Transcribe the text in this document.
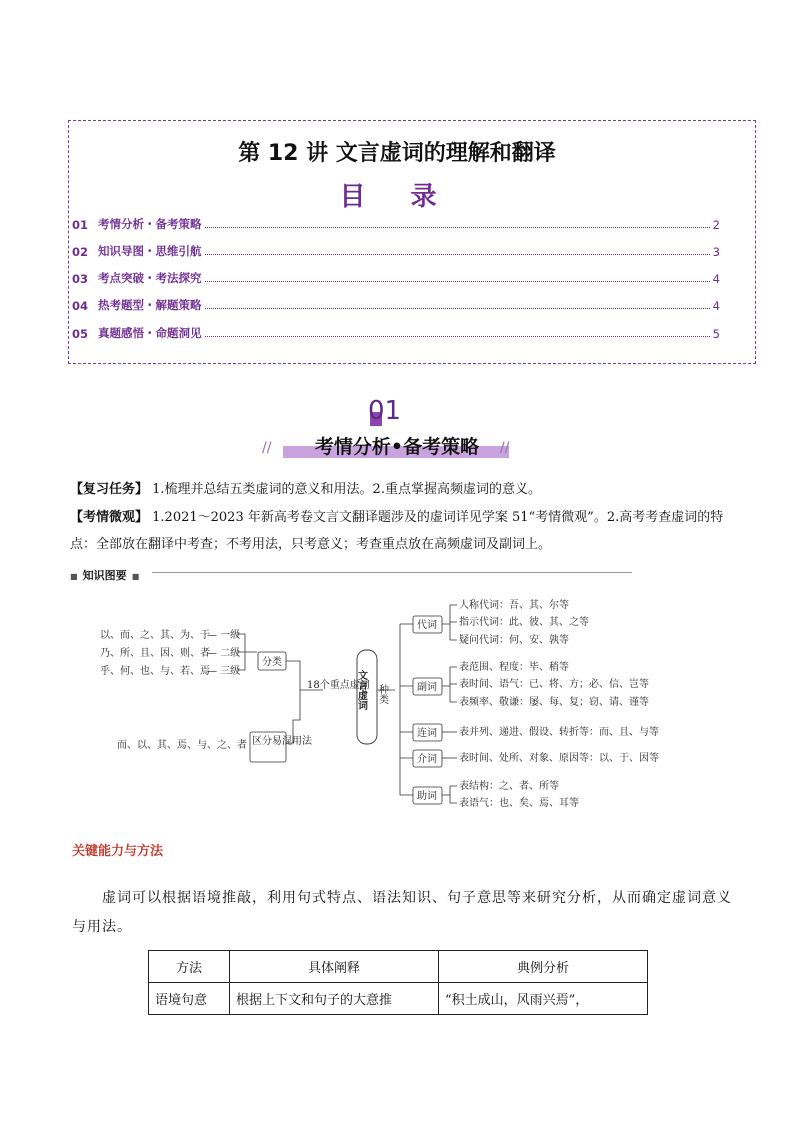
第 12 讲 文言虚词的理解和翻译
目 录
01 考情分析・备考策略	2
02 知识导图・思维引航	3
03 考点突破・考法探究	4
04 热考题型・解题策略	4
05 真题感悟・命题洞见	5
01
//	//
考情分析•备考策略
【复习任务】 1.梳理并总结五类虚词的意义和用法。2.重点掌握高频虚词的意义。
【考情微观】 1.2021～2023 年新高考卷文言文翻译题涉及的虚词详见学案 51“考情微观”。2.高考考查虚词的特点：全部放在翻译中考查；不考用法，只考意义；考查重点放在高频虚词及副词上。
■ 知识图要 ■
以、而、之、其、为、于
— 一级
乃、所、且、因、则、者
— 二级
乎、何、也、与、若、焉
— 三级
分类
18个重点虚词
而、以、其、焉、与、之、者 区分易混用法
文言虚词 种类
代词
人称代词：吾、其、尔等
指示代词：此、彼、其、之等
疑问代词：何、安、孰等
副词
表范围、程度：毕、稍等
表时间、语气：已、将、方；必、信、岂等
表频率、敬谦：屡、每、复；窃、请、谨等
连词 表并列、递进、假设、转折等：而、且、与等
介词 表时间、处所、对象、原因等：以、于、因等
助词
表结构：之、者、所等
表语气：也、矣、焉、耳等
关键能力与方法
虚词可以根据语境推敲，利用句式特点、语法知识、句子意思等来研究分析，从而确定虚词意义与用法。
方法	具体阐释	典例分析
语境句意	根据上下文和句子的大意推	“积土成山，风雨兴焉”，
